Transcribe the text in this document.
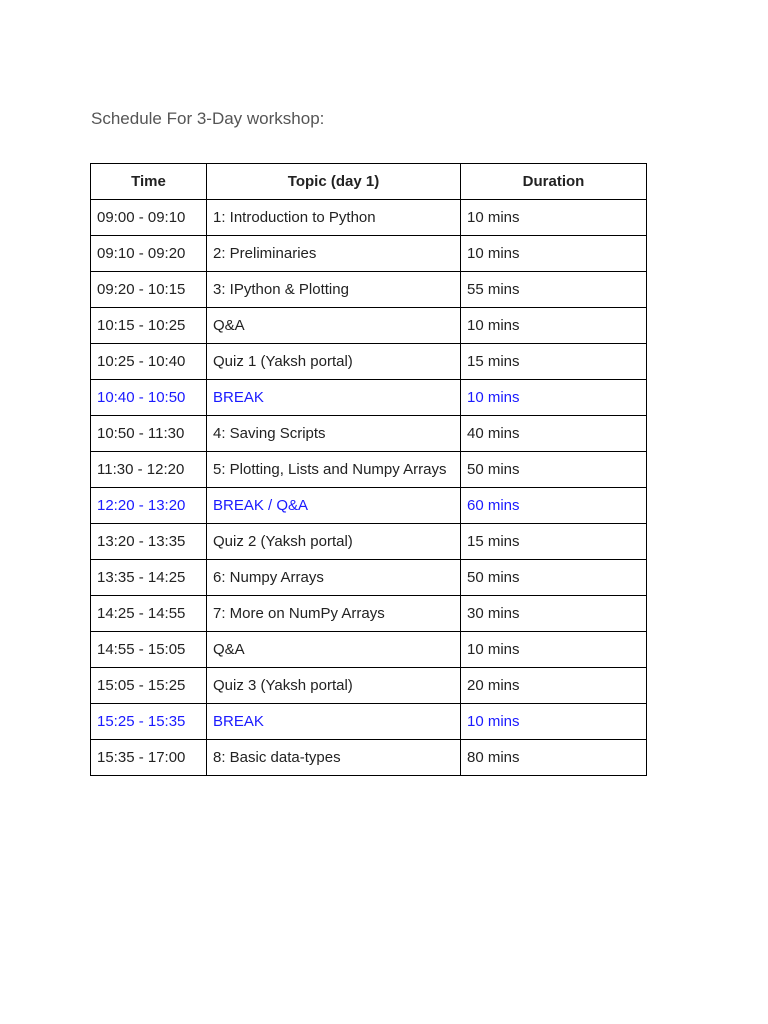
Schedule For 3-Day workshop:
Time	Topic (day 1)	Duration
09:00 - 09:10	1: Introduction to Python	10 mins
09:10 - 09:20	2: Preliminaries	10 mins
09:20 - 10:15	3: IPython & Plotting	55 mins
10:15 - 10:25	Q&A	10 mins
10:25 - 10:40	Quiz 1 (Yaksh portal)	15 mins
10:40 - 10:50	BREAK	10 mins
10:50 - 11:30	4: Saving Scripts	40 mins
11:30 - 12:20	5: Plotting, Lists and Numpy Arrays	50 mins
12:20 - 13:20	BREAK / Q&A	60 mins
13:20 - 13:35	Quiz 2 (Yaksh portal)	15 mins
13:35 - 14:25	6: Numpy Arrays	50 mins
14:25 - 14:55	7: More on NumPy Arrays	30 mins
14:55 - 15:05	Q&A	10 mins
15:05 - 15:25	Quiz 3 (Yaksh portal)	20 mins
15:25 - 15:35	BREAK	10 mins
15:35 - 17:00	8: Basic data-types	80 mins
